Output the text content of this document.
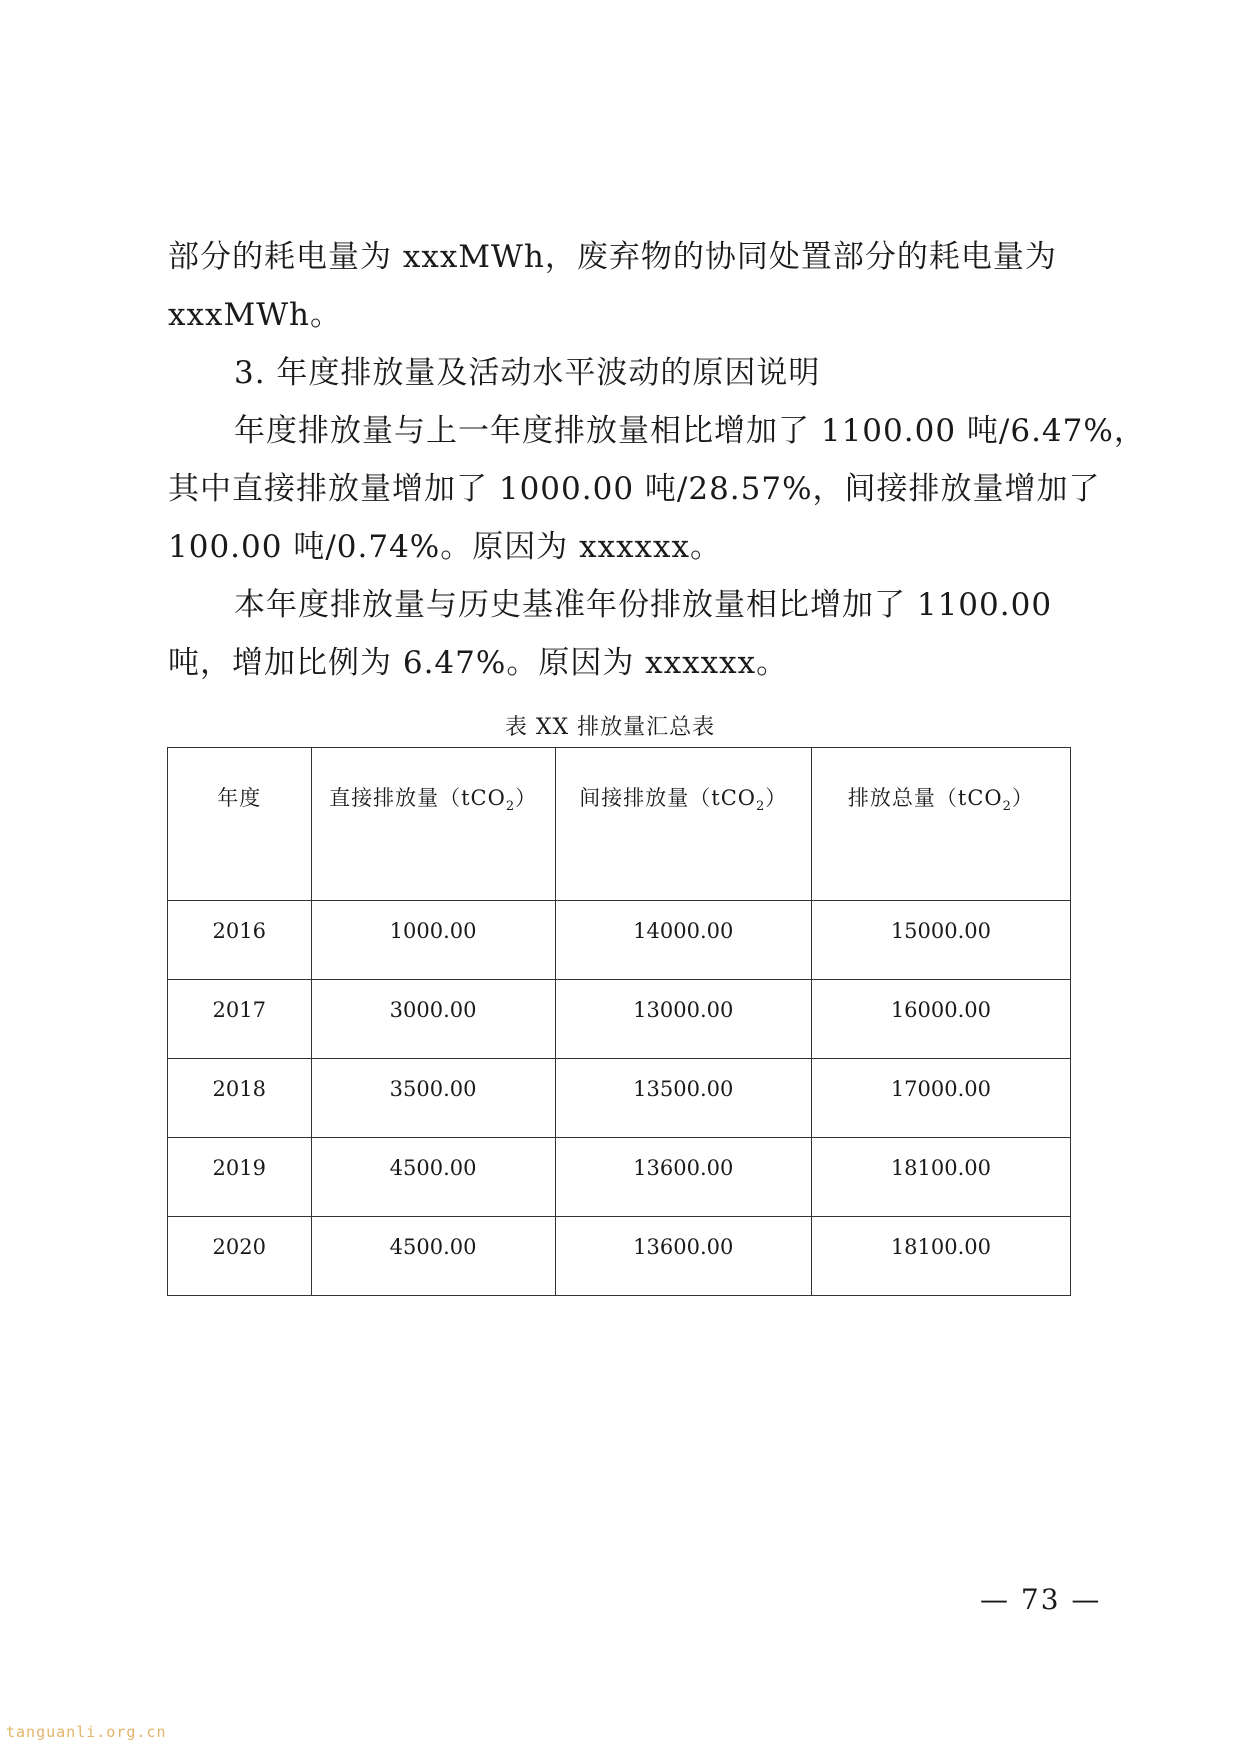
部分的耗电量为 xxxMWh，废弃物的协同处置部分的耗电量为
xxxMWh。
3. 年度排放量及活动水平波动的原因说明
年度排放量与上一年度排放量相比增加了 1100.00 吨/6.47%，
其中直接排放量增加了 1000.00 吨/28.57%，间接排放量增加了
100.00 吨/0.74%。原因为 xxxxxx。
本年度排放量与历史基准年份排放量相比增加了 1100.00
吨，增加比例为 6.47%。原因为 xxxxxx。
表 XX 排放量汇总表
年度	直接排放量（tCO$_2$）	间接排放量（tCO$_2$）	排放总量（tCO$_2$）
2016	1000.00	14000.00	15000.00
2017	3000.00	13000.00	16000.00
2018	3500.00	13500.00	17000.00
2019	4500.00	13600.00	18100.00
2020	4500.00	13600.00	18100.00
— 73 —
tanguanli.org.cn
